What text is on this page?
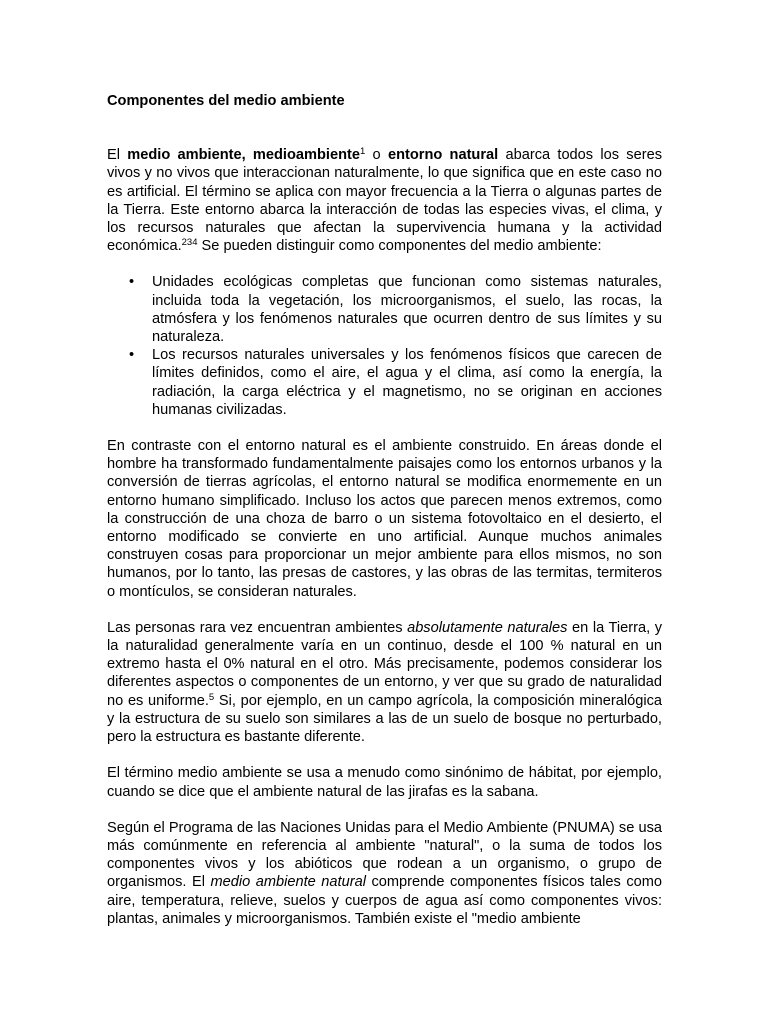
Componentes del medio ambiente

El medio ambiente, medioambiente$^1$ o entorno natural abarca todos los seres vivos y no vivos que interaccionan naturalmente, lo que significa que en este caso no es artificial. El término se aplica con mayor frecuencia a la Tierra o algunas partes de la Tierra. Este entorno abarca la interacción de todas las especies vivas, el clima, y los recursos naturales que afectan la supervivencia humana y la actividad económica.$^{234}$ Se pueden distinguir como componentes del medio ambiente:

• Unidades ecológicas completas que funcionan como sistemas naturales, incluida toda la vegetación, los microorganismos, el suelo, las rocas, la atmósfera y los fenómenos naturales que ocurren dentro de sus límites y su naturaleza.
• Los recursos naturales universales y los fenómenos físicos que carecen de límites definidos, como el aire, el agua y el clima, así como la energía, la radiación, la carga eléctrica y el magnetismo, no se originan en acciones humanas civilizadas.

En contraste con el entorno natural es el ambiente construido. En áreas donde el hombre ha transformado fundamentalmente paisajes como los entornos urbanos y la conversión de tierras agrícolas, el entorno natural se modifica enormemente en un entorno humano simplificado. Incluso los actos que parecen menos extremos, como la construcción de una choza de barro o un sistema fotovoltaico en el desierto, el entorno modificado se convierte en uno artificial. Aunque muchos animales construyen cosas para proporcionar un mejor ambiente para ellos mismos, no son humanos, por lo tanto, las presas de castores, y las obras de las termitas, termiteros o montículos, se consideran naturales.

Las personas rara vez encuentran ambientes absolutamente naturales en la Tierra, y la naturalidad generalmente varía en un continuo, desde el 100 % natural en un extremo hasta el 0% natural en el otro. Más precisamente, podemos considerar los diferentes aspectos o componentes de un entorno, y ver que su grado de naturalidad no es uniforme.$^5$ Si, por ejemplo, en un campo agrícola, la composición mineralógica y la estructura de su suelo son similares a las de un suelo de bosque no perturbado, pero la estructura es bastante diferente.

El término medio ambiente se usa a menudo como sinónimo de hábitat, por ejemplo, cuando se dice que el ambiente natural de las jirafas es la sabana.

Según el Programa de las Naciones Unidas para el Medio Ambiente (PNUMA) se usa más comúnmente en referencia al ambiente "natural", o la suma de todos los componentes vivos y los abióticos que rodean a un organismo, o grupo de organismos. El medio ambiente natural comprende componentes físicos tales como aire, temperatura, relieve, suelos y cuerpos de agua así como componentes vivos: plantas, animales y microorganismos. También existe el "medio ambiente
